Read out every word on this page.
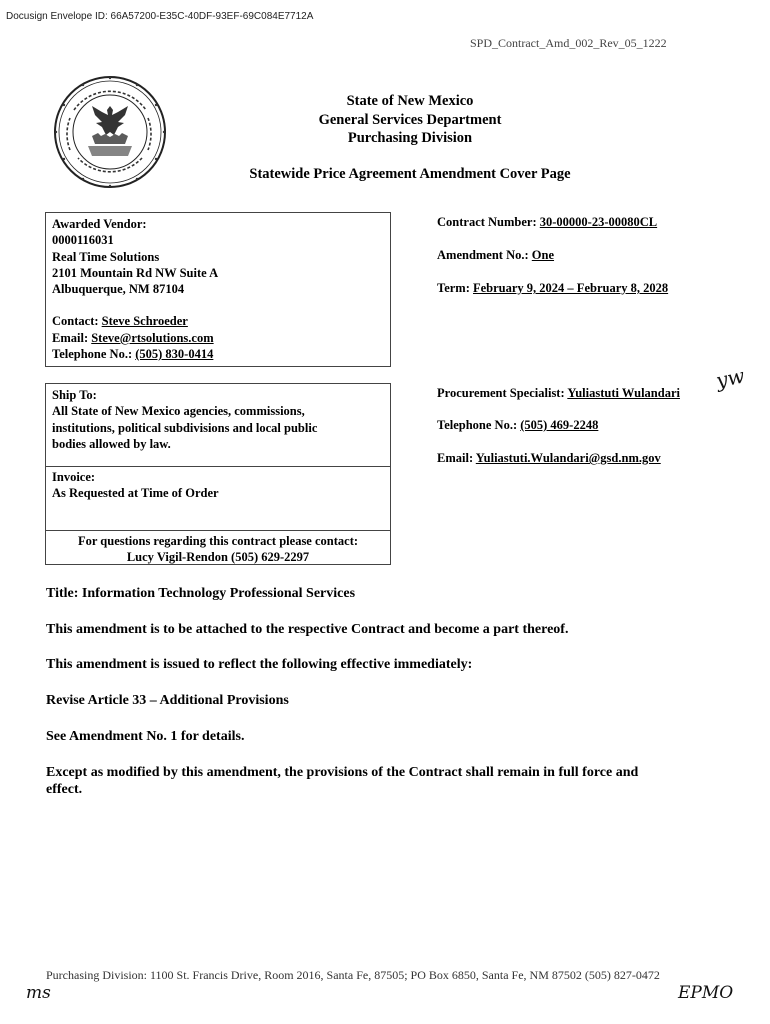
Docusign Envelope ID: 66A57200-E35C-40DF-93EF-69C084E7712A
SPD_Contract_Amd_002_Rev_05_1222
State of New Mexico
General Services Department
Purchasing Division
Statewide Price Agreement Amendment Cover Page
Awarded Vendor:
0000116031
Real Time Solutions
2101 Mountain Rd NW Suite A
Albuquerque, NM 87104
Contact: Steve Schroeder
Email: Steve@rtsolutions.com
Telephone No.: (505) 830-0414
Contract Number: 30-00000-23-00080CL
Amendment No.: One
Term: February 9, 2024 – February 8, 2028
Ship To:
All State of New Mexico agencies, commissions,
institutions, political subdivisions and local public
bodies allowed by law.
Invoice:
As Requested at Time of Order
For questions regarding this contract please contact:
Lucy Vigil-Rendon (505) 629-2297
Procurement Specialist: Yuliastuti Wulandari
yw
Telephone No.: (505) 469-2248
Email: Yuliastuti.Wulandari@gsd.nm.gov
Title: Information Technology Professional Services
This amendment is to be attached to the respective Contract and become a part thereof.
This amendment is issued to reflect the following effective immediately:
Revise Article 33 – Additional Provisions
See Amendment No. 1 for details.
Except as modified by this amendment, the provisions of the Contract shall remain in full force and
effect.
Purchasing Division: 1100 St. Francis Drive, Room 2016, Santa Fe, 87505; PO Box 6850, Santa Fe, NM 87502 (505) 827-0472
ms	EPMO
